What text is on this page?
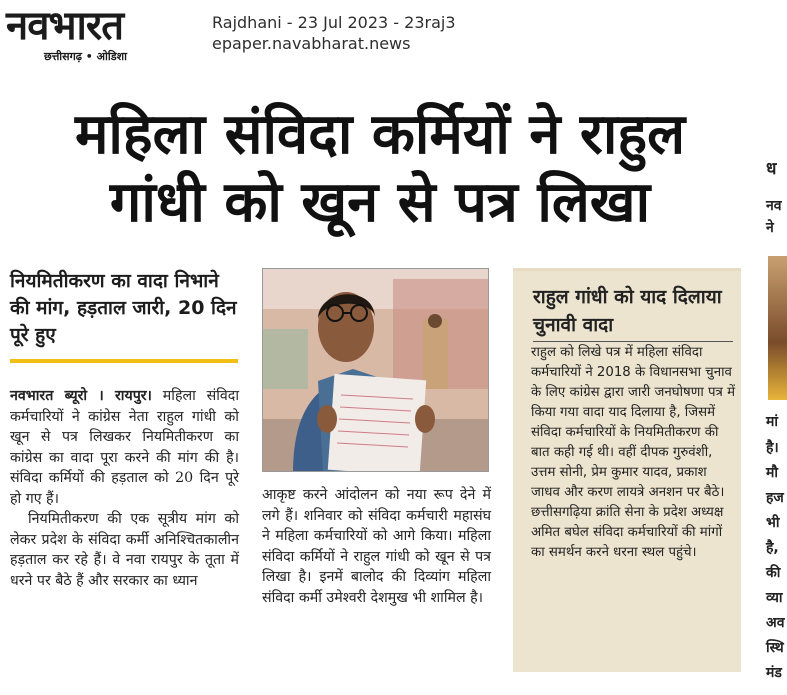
नवभारत
छत्तीसगढ़ • ओडिशा
Rajdhani - 23 Jul 2023 - 23raj3
epaper.navabharat.news
महिला संविदा कर्मियों ने राहुल
गांधी को खून से पत्र लिखा
नियमितीकरण का वादा निभाने की मांग, हड़ताल जारी, 20 दिन पूरे हुए

नवभारत ब्यूरो । रायपुर। महिला संविदा कर्मचारियों ने कांग्रेस नेता राहुल गांधी को खून से पत्र लिखकर नियमितीकरण का कांग्रेस का वादा पूरा करने की मांग की है। संविदा कर्मियों की हड़ताल को 20 दिन पूरे हो गए हैं।

नियमितीकरण की एक सूत्रीय मांग को लेकर प्रदेश के संविदा कर्मी अनिश्चितकालीन हड़ताल कर रहे हैं। वे नवा रायपुर के तूता में धरने पर बैठे हैं और सरकार का ध्यान

आकृष्ट करने आंदोलन को नया रूप देने में लगे हैं। शनिवार को संविदा कर्मचारी महासंघ ने महिला कर्मचारियों को आगे किया। महिला संविदा कर्मियों ने राहुल गांधी को खून से पत्र लिखा है। इनमें बालोद की दिव्यांग महिला संविदा कर्मी उमेश्वरी देशमुख भी शामिल है।
राहुल गांधी को याद दिलाया चुनावी वादा
राहुल को लिखे पत्र में महिला संविदा कर्मचारियों ने 2018 के विधानसभा चुनाव के लिए कांग्रेस द्वारा जारी जनघोषणा पत्र में किया गया वादा याद दिलाया है, जिसमें संविदा कर्मचारियों के नियमितीकरण की बात कही गई थी। वहीं दीपक गुरुवंशी, उत्तम सोनी, प्रेम कुमार यादव, प्रकाश जाधव और करण लायत्रे अनशन पर बैठे। छत्तीसगढ़िया क्रांति सेना के प्रदेश अध्यक्ष अमित बघेल संविदा कर्मचारियों की मांगों का समर्थन करने धरना स्थल पहुंचे।
ध
नव
ने
मां
है।
मौ
हज
भी
है,
की
व्या
अव
स्थि
मंड
